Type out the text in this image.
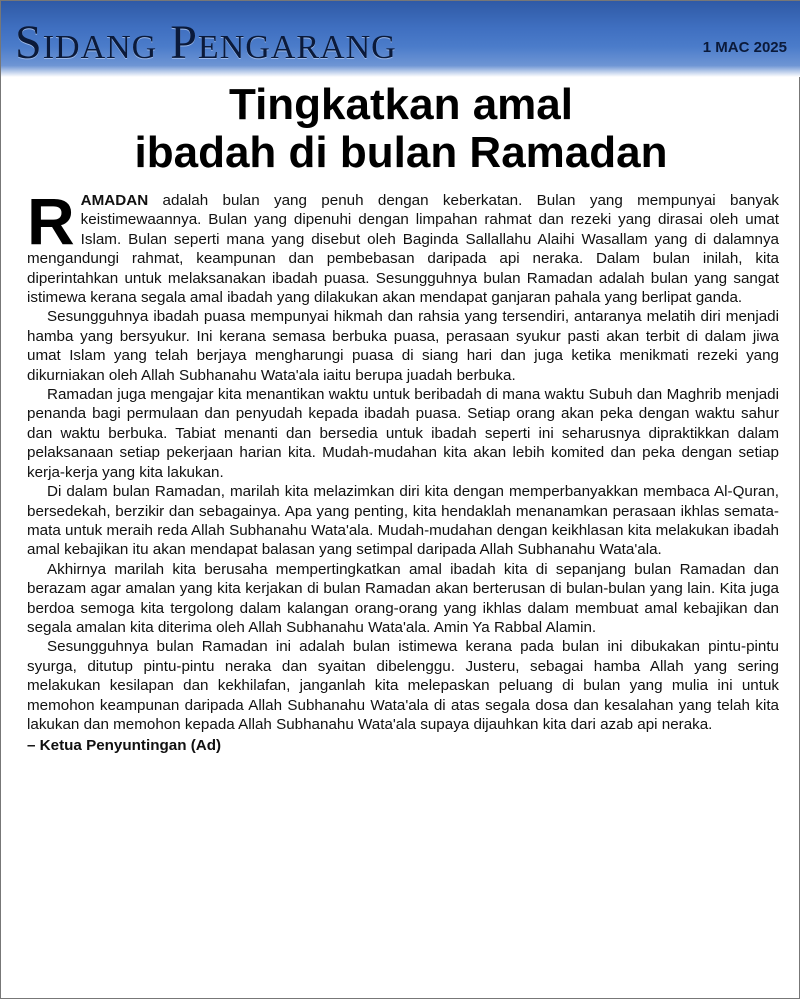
Sidang Pengarang	1 MAC 2025
Tingkatkan amal
ibadah di bulan Ramadan

RAMADAN adalah bulan yang penuh dengan keberkatan. Bulan yang mempunyai banyak keistimewaannya. Bulan yang dipenuhi dengan limpahan rahmat dan rezeki yang dirasai oleh umat Islam. Bulan seperti mana yang disebut oleh Baginda Sallallahu Alaihi Wasallam yang di dalamnya mengandungi rahmat, keampunan dan pembebasan daripada api neraka. Dalam bulan inilah, kita diperintahkan untuk melaksanakan ibadah puasa. Sesungguhnya bulan Ramadan adalah bulan yang sangat istimewa kerana segala amal ibadah yang dilakukan akan mendapat ganjaran pahala yang berlipat ganda.

Sesungguhnya ibadah puasa mempunyai hikmah dan rahsia yang tersendiri, antaranya melatih diri menjadi hamba yang bersyukur. Ini kerana semasa berbuka puasa, perasaan syukur pasti akan terbit di dalam jiwa umat Islam yang telah berjaya mengharungi puasa di siang hari dan juga ketika menikmati rezeki yang dikurniakan oleh Allah Subhanahu Wata'ala iaitu berupa juadah berbuka.

Ramadan juga mengajar kita menantikan waktu untuk beribadah di mana waktu Subuh dan Maghrib menjadi penanda bagi permulaan dan penyudah kepada ibadah puasa. Setiap orang akan peka dengan waktu sahur dan waktu berbuka. Tabiat menanti dan bersedia untuk ibadah seperti ini seharusnya dipraktikkan dalam pelaksanaan setiap pekerjaan harian kita. Mudah-mudahan kita akan lebih komited dan peka dengan setiap kerja-kerja yang kita lakukan.

Di dalam bulan Ramadan, marilah kita melazimkan diri kita dengan memperbanyakkan membaca Al-Quran, bersedekah, berzikir dan sebagainya. Apa yang penting, kita hendaklah menanamkan perasaan ikhlas semata-mata untuk meraih reda Allah Subhanahu Wata'ala. Mudah-mudahan dengan keikhlasan kita melakukan ibadah amal kebajikan itu akan mendapat balasan yang setimpal daripada Allah Subhanahu Wata'ala.

Akhirnya marilah kita berusaha mempertingkatkan amal ibadah kita di sepanjang bulan Ramadan dan berazam agar amalan yang kita kerjakan di bulan Ramadan akan berterusan di bulan-bulan yang lain. Kita juga berdoa semoga kita tergolong dalam kalangan orang-orang yang ikhlas dalam membuat amal kebajikan dan segala amalan kita diterima oleh Allah Subhanahu Wata'ala. Amin Ya Rabbal Alamin.

Sesungguhnya bulan Ramadan ini adalah bulan istimewa kerana pada bulan ini dibukakan pintu-pintu syurga, ditutup pintu-pintu neraka dan syaitan dibelenggu. Justeru, sebagai hamba Allah yang sering melakukan kesilapan dan kekhilafan, janganlah kita melepaskan peluang di bulan yang mulia ini untuk memohon keampunan daripada Allah Subhanahu Wata'ala di atas segala dosa dan kesalahan yang telah kita lakukan dan memohon kepada Allah Subhanahu Wata'ala supaya dijauhkan kita dari azab api neraka.

– Ketua Penyuntingan (Ad)
